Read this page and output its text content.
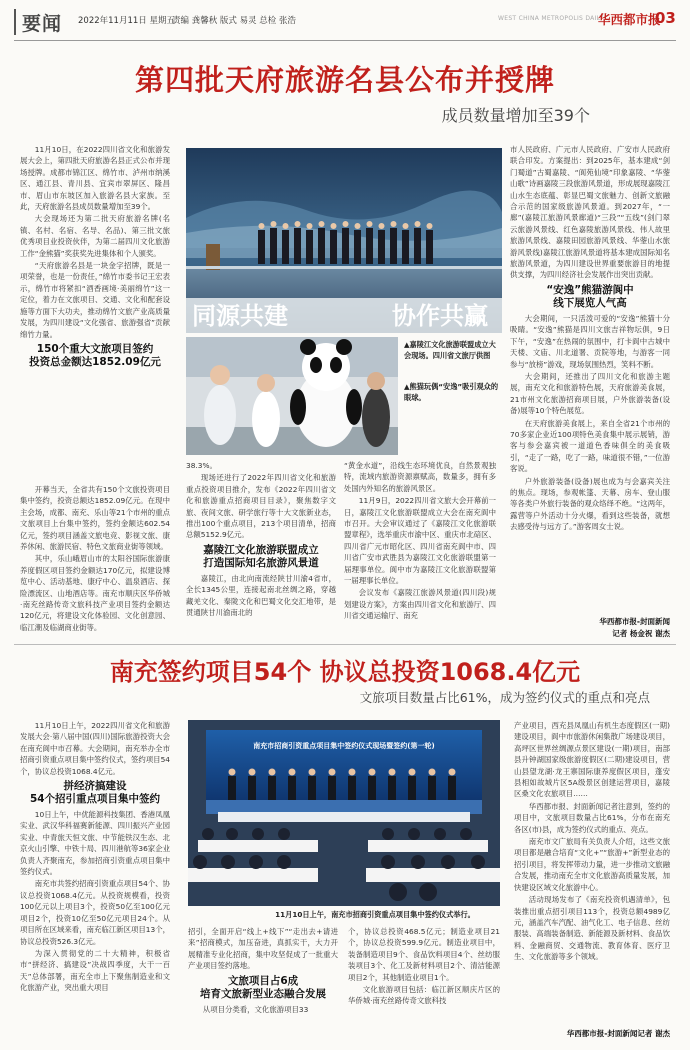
要闻 2022年11月11日 星期五
责编 龚馨秋 版式 易灵 总检 张浩	WEST CHINA METROPOLIS DAILY
华西都市报
03
第四批天府旅游名县公布并授牌
成员数量增加至39个

11月10日，在2022四川省文化和旅游发展大会上，第四批天府旅游名县正式公布并现场授牌。成都市锦江区、绵竹市、泸州市纳溪区、通江县、青川县、宜宾市翠屏区、隆昌市、眉山市东坡区加入旅游名县大家族。至此，天府旅游名县成员数量增加至39个。

大会现场还为第二批天府旅游名牌(名镇、名村、名宿、名导、名品)、第三批文旅优秀项目业投资伙伴，为第二届四川文化旅游工作“金熊猫”奖获奖先进集体和个人颁奖。

“天府旅游名县是一块金字招牌，既是一项荣誉，也是一份责任，”绵竹市委书记王宏表示，绵竹市将紧扣“酒香画境·美丽绵竹”这一定位，着力在文旅项目、交通、文化和配套设施等方面下大功夫，推动绵竹文旅产业高质量发展，为四川建设“文化强省、旅游强省”贡献绵竹力量。

150个重大文旅项目签约
投资总金额达1852.09亿元

开幕当天，全省共有150个文旅投资项目集中签约，投资总额达1852.09亿元。在现中主会场，成都、南充、乐山等21个市州的重点文旅项目上台集中签约，签约金额达602.54亿元，签约项目涵盖文旅电竞、影视文旅、康养休闲、旅游民宿、特色文旅商业街等领域。

其中，乐山峨眉山市的太阳谷国际旅游康养度假区项目签约金额达170亿元，拟建设博览中心、活动基地、康疗中心、温泉酒店、探险漂流区、山地酒店等。南充市顺庆区华侨城·南充丝路传奇文旅科技产业项目签约金额达120亿元，将建设文化体验园、文化创意园、临江潮及临湖商业街等。

同源共建	协作共赢
▲嘉陵江文化旅游联盟成立大会现场。四川省文旅厅供图
▲熊猫玩偶“安逸”吸引观众的眼球。

38.3%。

现场还进行了2022年四川省文化和旅游重点投资项目推介，发布《2022年四川省文化和旅游重点招商项目目录》，聚焦数字文旅、夜间文旅、研学旅行等十大文旅新业态，推出100个重点项目，213个项目清单，招商总额5152.9亿元。

嘉陵江文化旅游联盟成立
打造国际知名旅游风景道

嘉陵江，由北向南流经陕甘川渝4省市，全长1345公里，连接起南北丝绸之路，穿越藏羌文化、秦陇文化和巴蜀文化交汇地带，是贯通陕甘川渝南北的

“黄金水道”，沿线生态环境优良，自然景观独特，流域内旅游资源禀赋高，数量多，拥有多处国内外知名的旅游风景区。

11月9日，2022四川省文旅大会开幕前一日，嘉陵江文化旅游联盟成立大会在南充阆中市召开。大会审议通过了《嘉陵江文化旅游联盟章程》，选举重庆市渝中区、重庆市北碚区、四川省广元市昭化区、四川省南充阆中市、四川省广安市武胜县为嘉陵江文化旅游联盟第一届理事单位。阆中市为嘉陵江文化旅游联盟第一届理事长单位。

会议发布《嘉陵江旅游风景道(四川段)规划建设方案》，方案由四川省文化和旅游厅、四川省交通运输厅、南充

市人民政府、广元市人民政府、广安市人民政府联合印发。方案提出：到2025年，基本建成“剑门蜀道”古蜀嘉陵、“阆苑仙境”印象嘉陵、“华蓥山歌”诗画嘉陵三段旅游风景道，形成展现嘉陵江山水生态底蕴、彰显巴蜀文旅魅力、创新文旅融合示范的国家级旅游风景道。到2027年，“一廊”(嘉陵江旅游风景廊道)“三段”“五线”(剑门翠云旅游风景线、红色嘉陵旅游风景线、伟人故里旅游风景线、嘉陵田园旅游风景线、华蓥山水旅游风景线)嘉陵江旅游风景道将基本建成国际知名旅游风景道，为四川建设世界重要旅游目的地提供支撑，为四川经济社会发展作出突出贡献。

“安逸”熊猫游阆中
线下展览人气高

大会期间，一只活泼可爱的“安逸”熊猫十分吸睛。“安逸”熊猫是四川文旅吉祥物坛俱，9日下午，“安逸”在热闹的氛围中，打卡阆中古城中天楼、文庙、川北道署、贡院等地，与游客一同参与“放榜”游戏，现场氛围热烈，笑料不断。

大会期间，还推出了四川文化和旅游主题展，南充文化和旅游特色展，天府旅游美食展，21市州文化旅游招商项目展，户外旅游装备(设备)展等10个特色展览。

在天府旅游美食展上，来自全省21个市州的70多家企业近100项特色美食集中展示展销，游客与参会嘉宾被一道道色香味俱全的美食吸引，“走了一路，吃了一路，味道很不错，”一位游客说。

户外旅游装备(设备)展也成为与会嘉宾关注的焦点。现场，参观帐篷、天幕、房车、登山服等各类户外旅行装备的观众络绎不绝。“这两年，露营等户外活动十分火爆，看到这些装备，就想去感受待与远方了。”游客周女士说。

华西都市报-封面新闻
记者 杨金祝 谢杰
南充签约项目54个 协议总投资1068.4亿元
文旅项目数量占比61%，成为签约仪式的重点和亮点

11月10日上午，2022四川省文化和旅游发展大会·第八届中国(四川)国际旅游投资大会在南充阆中市召幕。大会期间，南充举办全市招商引资重点项目集中签约仪式，签约项目54个，协议总投资1068.4亿元。

拼经济搞建设
54个招引重点项目集中签约

10日上午，中优能源科技集团、香港凤凰实业、武汉华科福赛新能源、四川振兴产业园实业、中青旅天恒文旅、中节能铁汉生态、北京火山引擎、中铁十局、四川港航等36家企业负责人齐聚南充，参加招商引资重点项目集中签约仪式。

南充市共签约招商引资重点项目54个、协议总投资1068.4亿元。从投资规模看，投资100亿元以上项目3个，投资50亿至100亿元项目2个，投资10亿至50亿元项目24个。从项目所在区域来看，南充临江新区项目13个，协议总投资526.3亿元。

为深入贯彻党的二十大精神，积极省市“拼经济、搞建设”决战四季度，大干一百天”总体部署，南充全市上下聚焦制造业和文化旅游产业，突出重大项目

南充市招商引资重点项目集中签约仪式现场暨签约(第一轮)
11月10日上午，南充市招商引资重点项目集中签约仪式举行。

招引，全面开启“线上+线下”“走出去+请进来”招商模式，加压奋进，真抓实干，大力开展精准专业化招商，集中攻坚促成了一批重大产业项目签约落地。

文旅项目占6成
培育文旅新型业态融合发展

从项目分类看，文化旅游项目33

个，协议总投资468.5亿元；制造业项目21个，协议总投资599.9亿元。制造业项目中，装备制造项目9个、食品饮料项目4个、丝纺服装项目3个、化工及新材料项目2个、清洁能源项目2个，其他制造业项目1个。

文化旅游项目包括：临江新区顺庆片区的华侨城·南充丝路传奇文旅科技

产业项目，西充县凤凰山有机生态度假区(一期)建设项目，阆中市旅游休闲集散广场建设项目，高坪区世界丝绸源点景区建设(一期)项目，南部县升钟湖国家级旅游度假区(二期)建设项目，营山县望龙湖·龙王寨国际康养度假区项目，蓬安县相如故城片区5A级景区创建运营项目，嘉陵区桑文化农旅项目……

华西都市报、封面新闻记者注意到，签约的项目中，文旅项目数量占比61%，分布在南充各区(市)县，成为签约仪式的重点、亮点。

南充市文广旅局有关负责人介绍，这些文旅项目都是融合培育“文化+”“旅游+”新型业态的招引项目，将发挥带动力量，进一步推动文旅融合发展，推动南充全市文化旅游高质量发展，加快建设区域文化旅游中心。

活动现场发布了《南充投资机遇清单》，包装推出重点招引项目113个，投资总额4989亿元，涵盖汽车汽配、油气化工、电子信息、丝纺服装、高端装备制造、新能源及新材料、食品饮料、金融商贸、交通物流、教育体育、医疗卫生、文化旅游等多个领域。

华西都市报-封面新闻记者 谢杰
